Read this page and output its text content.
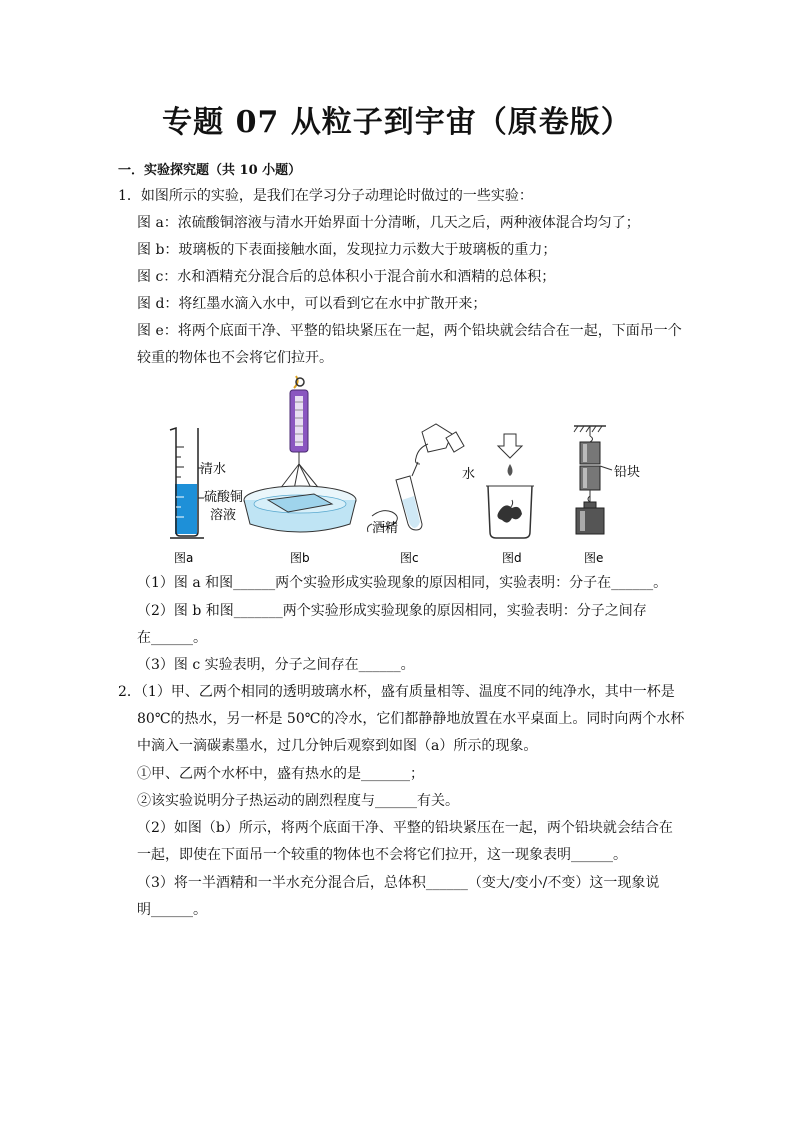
专题 07 从粒子到宇宙（原卷版）
一．实验探究题（共 10 小题）
1．如图所示的实验，是我们在学习分子动理论时做过的一些实验：
图 a：浓硫酸铜溶液与清水开始界面十分清晰，几天之后，两种液体混合均匀了；
图 b：玻璃板的下表面接触水面，发现拉力示数大于玻璃板的重力；
图 c：水和酒精充分混合后的总体积小于混合前水和酒精的总体积；
图 d：将红墨水滴入水中，可以看到它在水中扩散开来；
图 e：将两个底面干净、平整的铅块紧压在一起，两个铅块就会结合在一起，下面吊一个
较重的物体也不会将它们拉开。
清水
硫酸铜
溶液
图b
图a
水
酒精
图c	图d
铅块
图e
（1）图 a 和图______两个实验形成实验现象的原因相同，实验表明：分子在______。
（2）图 b 和图_______两个实验形成实验现象的原因相同，实验表明：分子之间存
在______。
（3）图 c 实验表明，分子之间存在______。
2．（1）甲、乙两个相同的透明玻璃水杯，盛有质量相等、温度不同的纯净水，其中一杯是
80℃的热水，另一杯是 50℃的冷水，它们都静静地放置在水平桌面上。同时向两个水杯
中滴入一滴碳素墨水，过几分钟后观察到如图（a）所示的现象。
①甲、乙两个水杯中，盛有热水的是_______；
②该实验说明分子热运动的剧烈程度与______有关。
（2）如图（b）所示，将两个底面干净、平整的铅块紧压在一起，两个铅块就会结合在
一起，即使在下面吊一个较重的物体也不会将它们拉开，这一现象表明______。
（3）将一半酒精和一半水充分混合后，总体积______（变大/变小/不变）这一现象说
明______。
